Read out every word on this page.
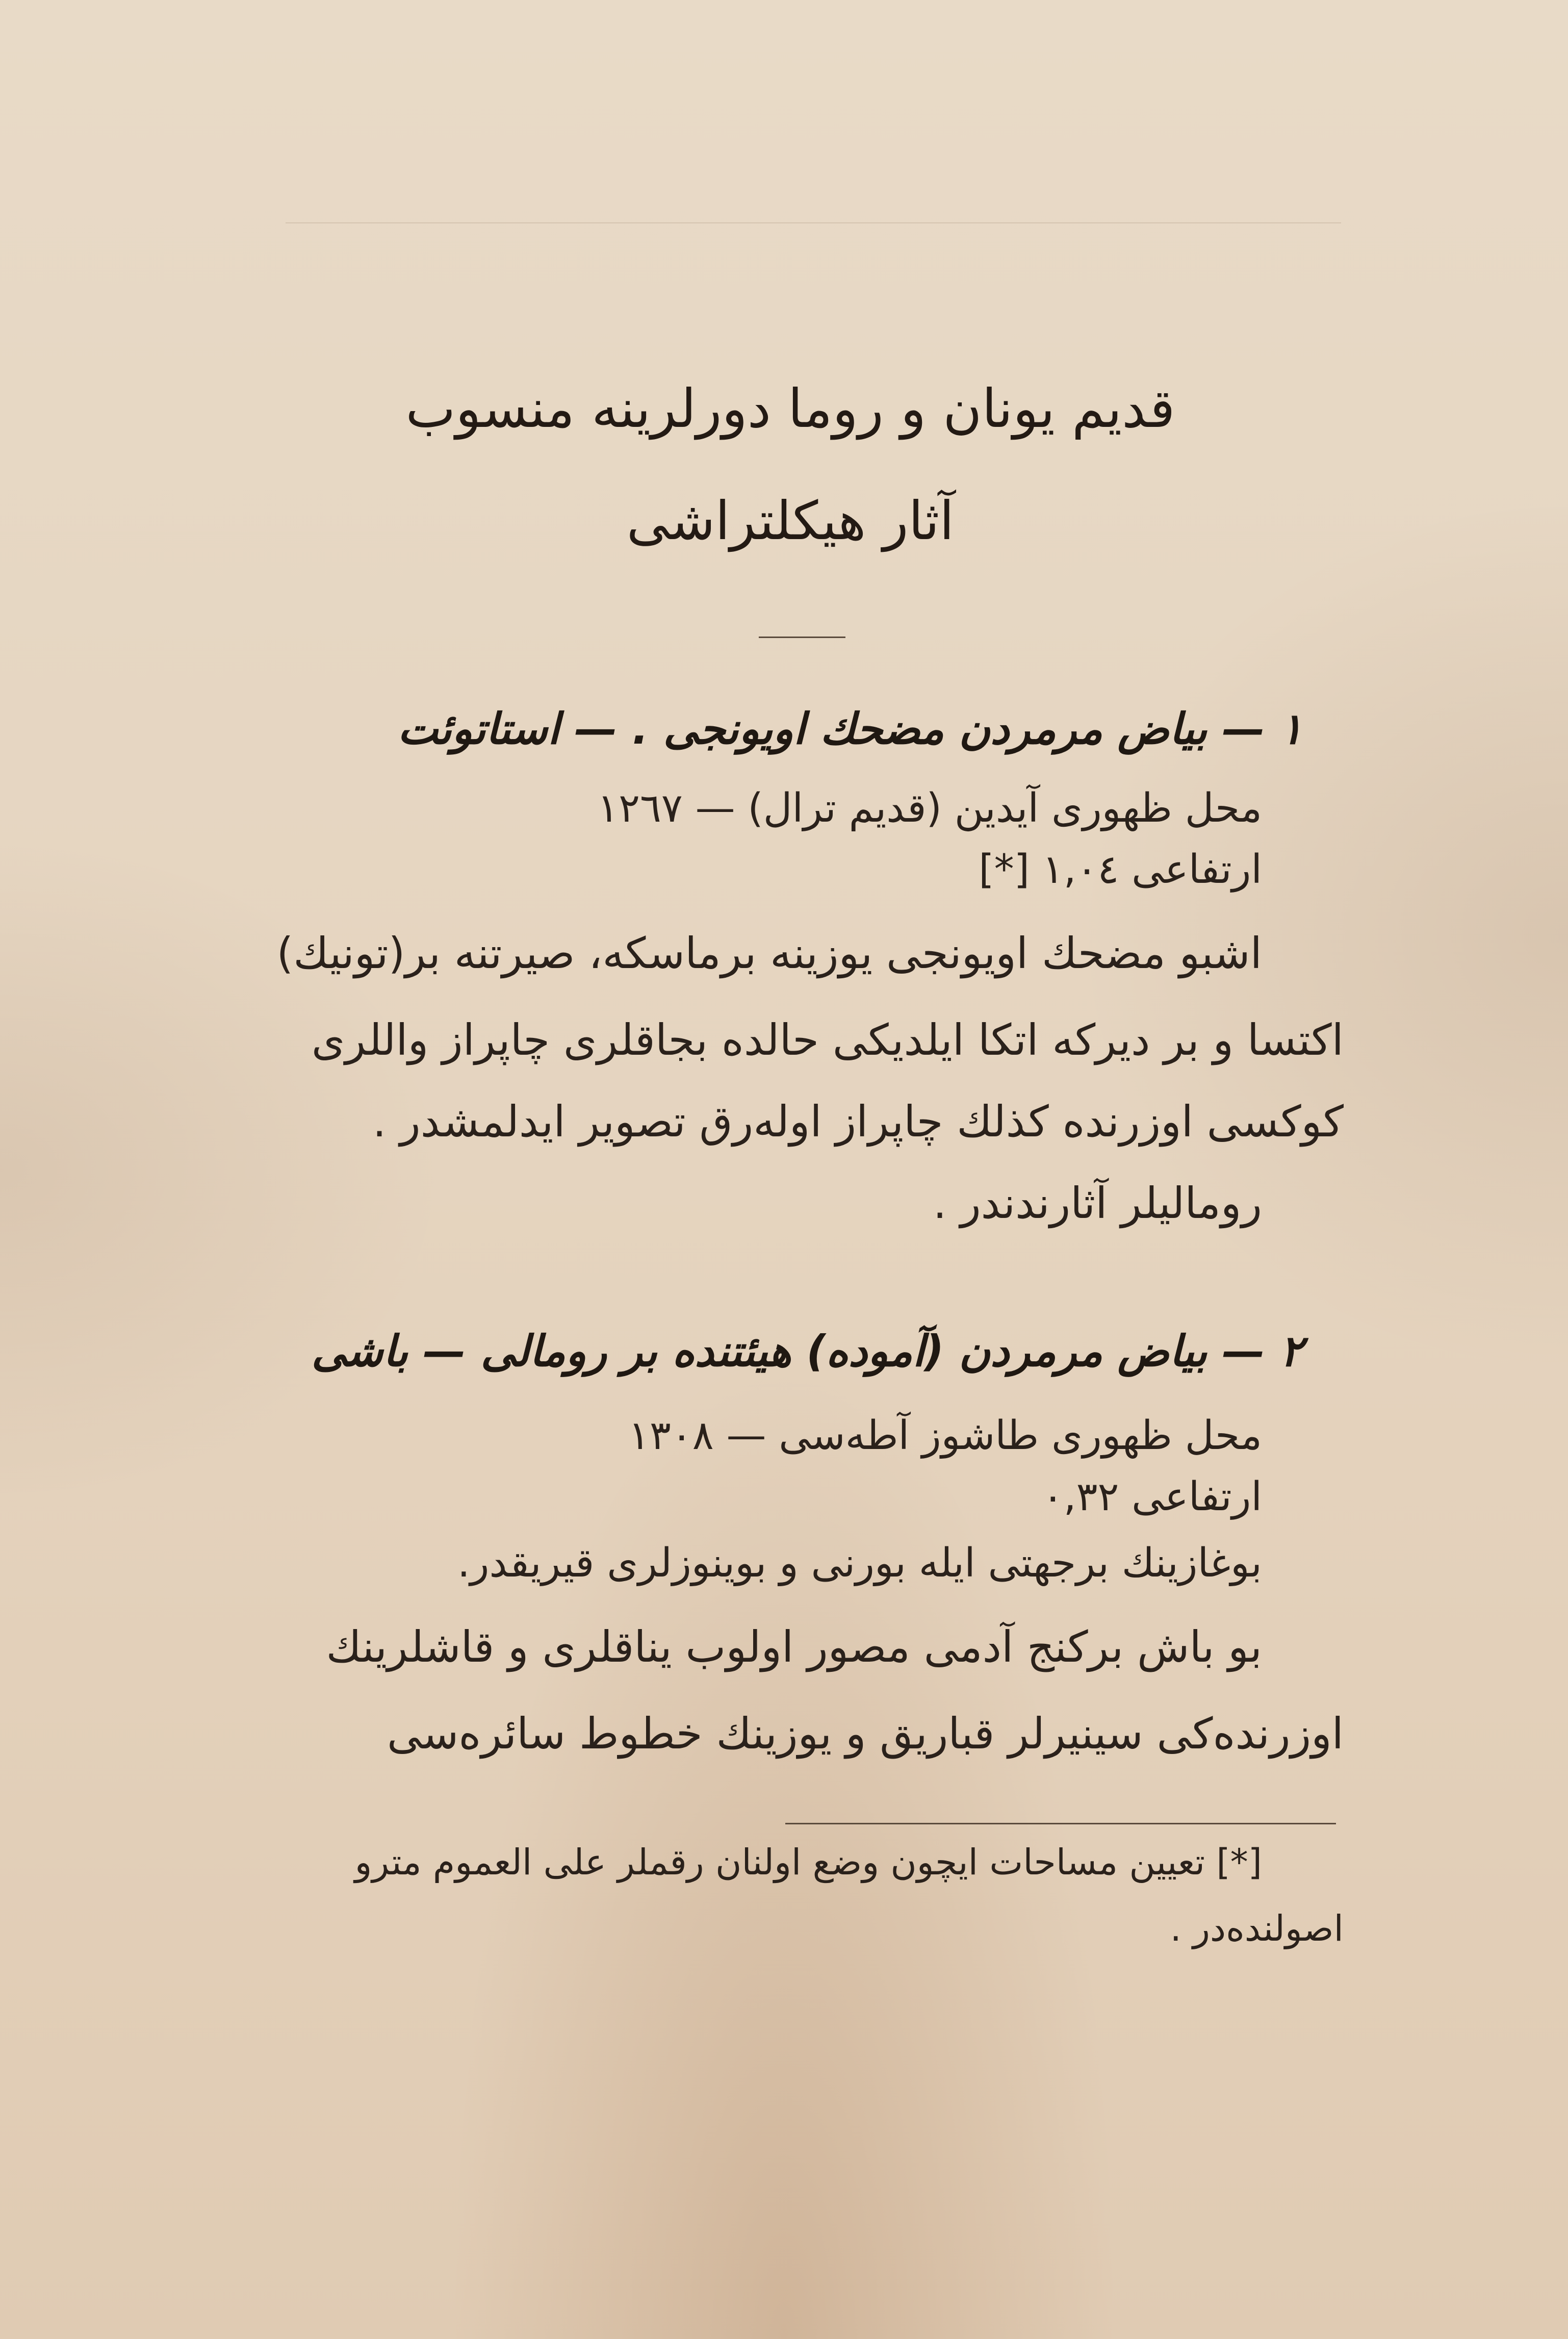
قديم يونان و روما دورلرينه منسوب
آثار هيكلتراشى
١ — بياض مرمردن مضحك اويونجى . — استاتوئت
محل ظهورى آيدين (قديم ترال) — ١٢٦٧
ارتفاعى ١,٠٤ [*]
اشبو مضحك اويونجى يوزينه برماسكه، صيرتنه بر(تونيك)
اكتسا و بر ديركه اتكا ايلديكى حالده بجاقلرى چاپراز واللرى
كوكسى اوزرنده كذلك چاپراز اولەرق تصوير ايدلمشدر .
رومالیلر آثارندندر .
٢ — بياض مرمردن (آموده) هيئتنده بر رومالى — باشى
محل ظهورى طاشوز آطەسى — ١٣٠٨
ارتفاعى ٠,٣٢
بوغازينك برجهتى ايله بورنى و بوينوزلرى قيريقدر.
بو باش بركنج آدمى مصور اولوب يناقلرى و قاشلرينك
اوزرندەكى سينيرلر قباريق و يوزينك خطوط سائرەسى
[*] تعيين مساحات ايچون وضع اولنان رقملر على العموم مترو
اصولندەدر .
